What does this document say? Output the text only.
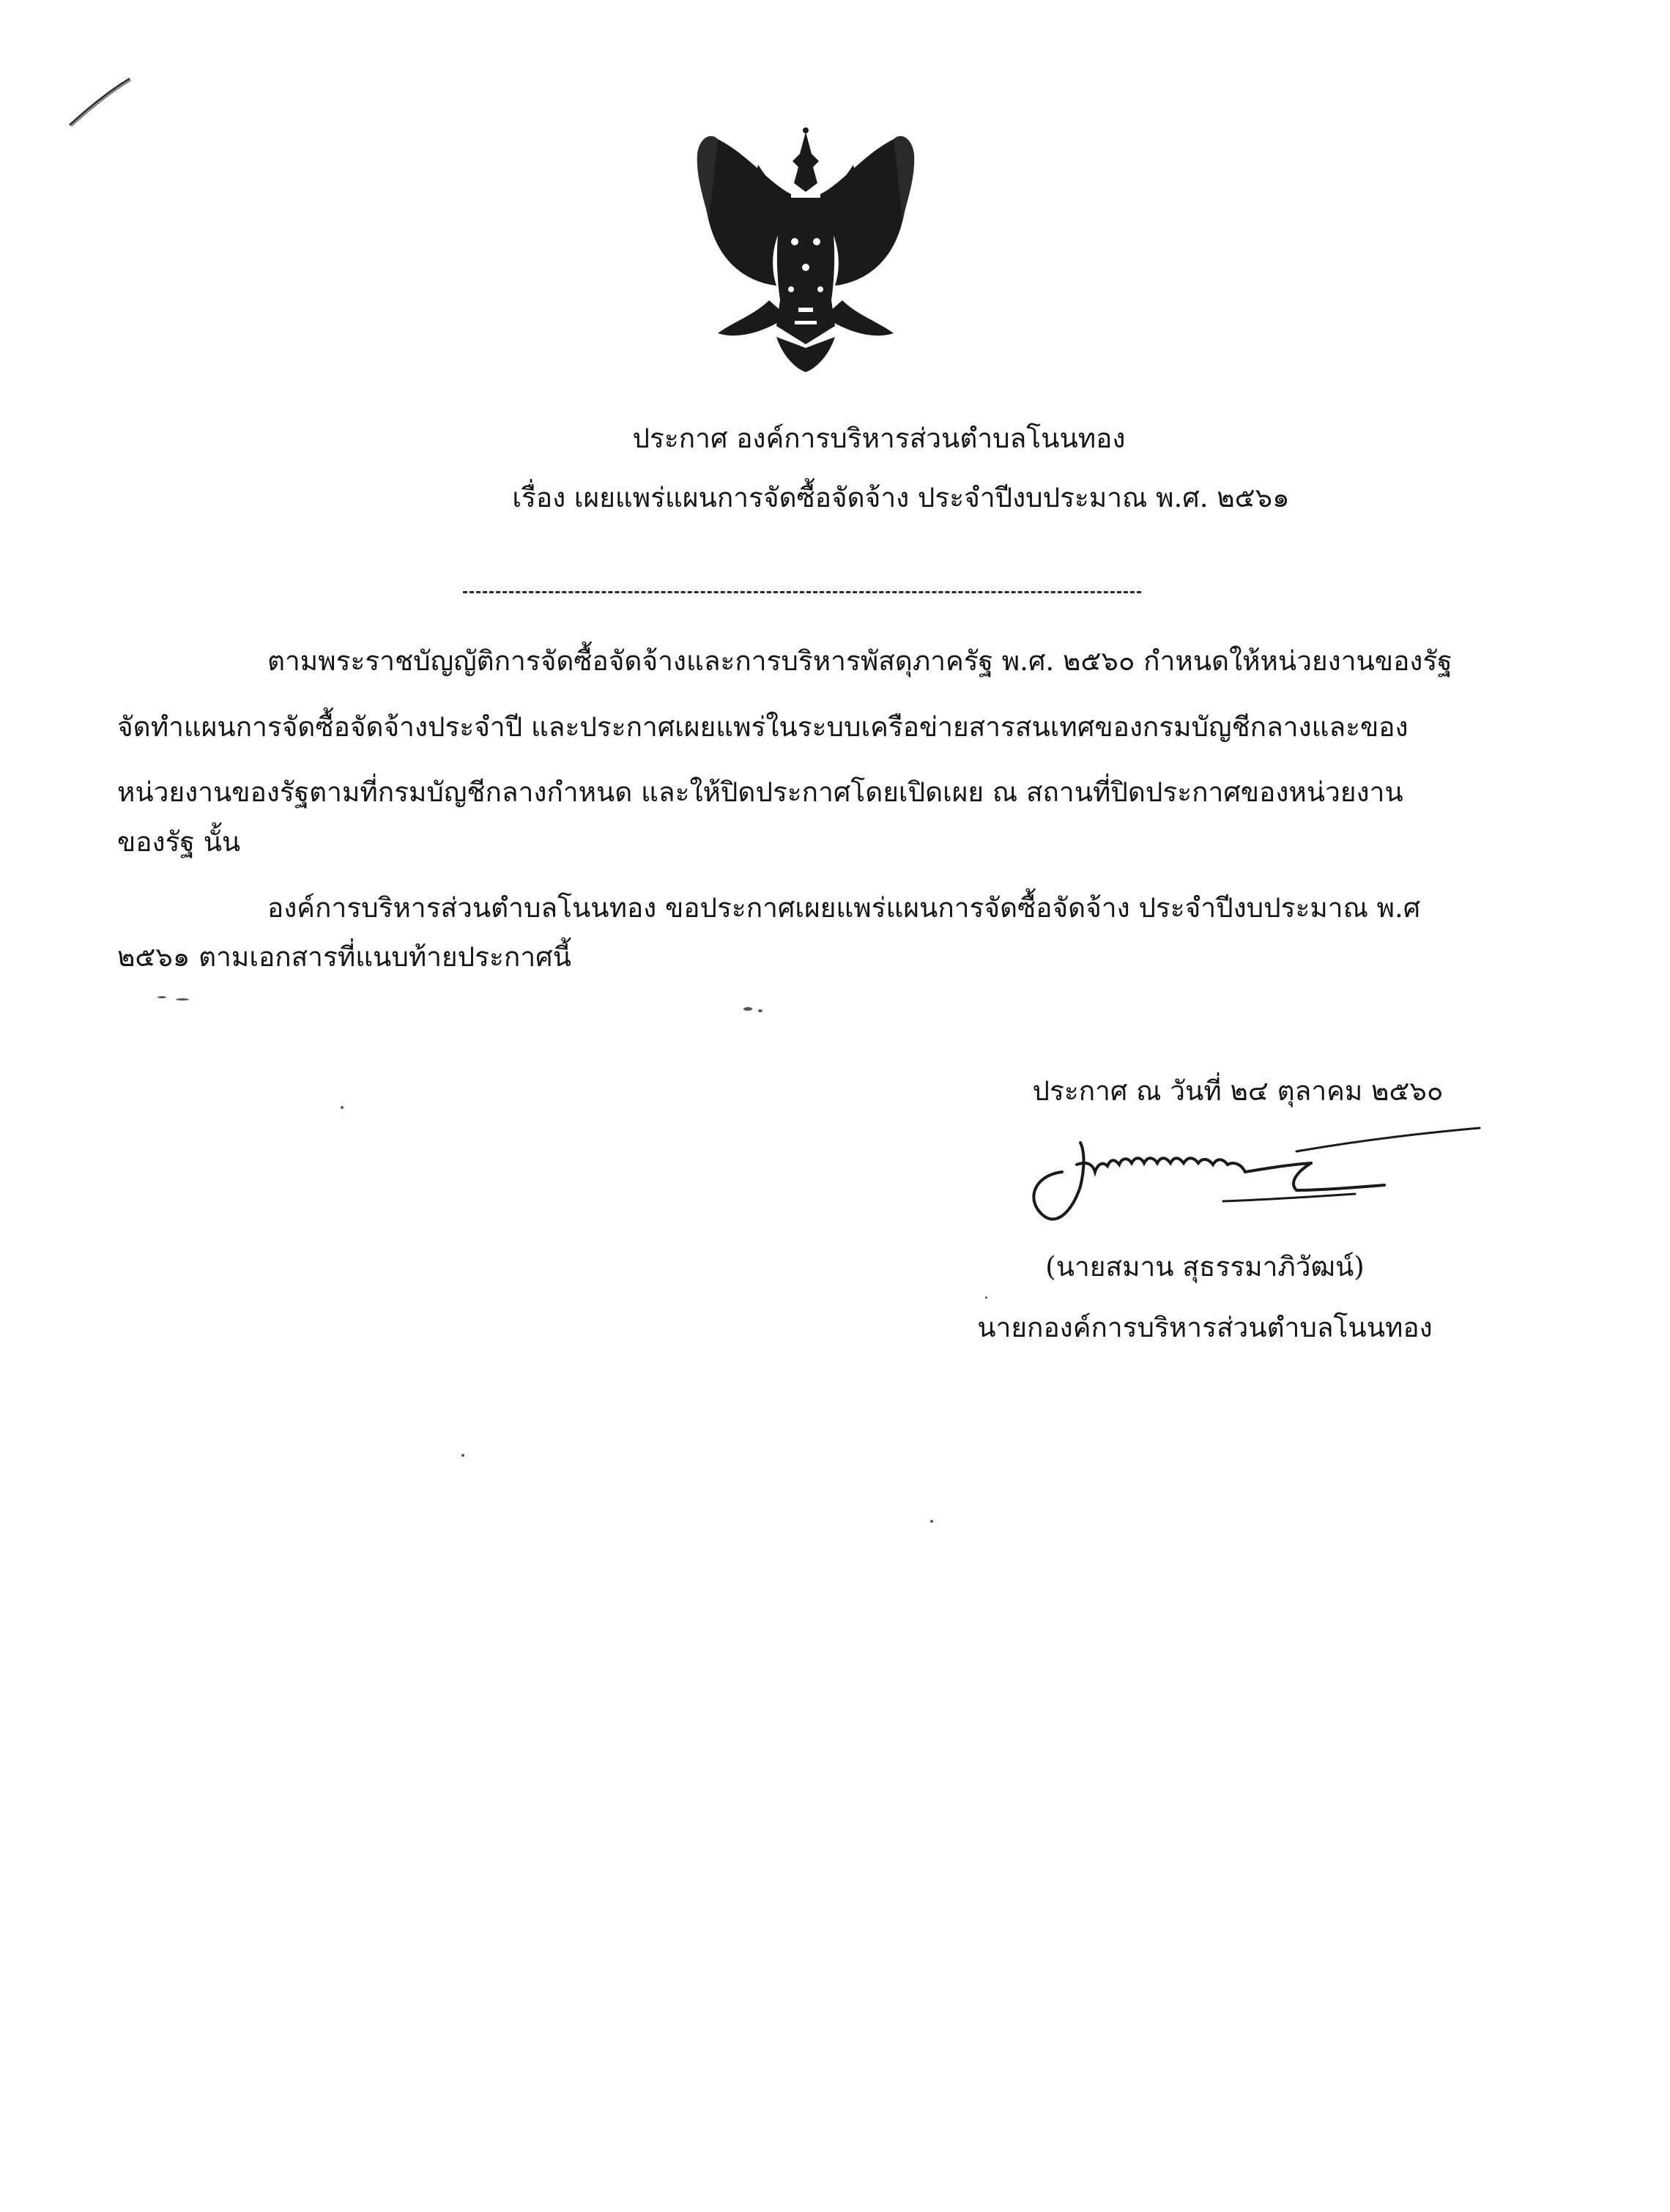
ประกาศ องค์การบริหารส่วนตำบลโนนทอง
เรื่อง เผยแพร่แผนการจัดซื้อจัดจ้าง ประจำปีงบประมาณ พ.ศ. ๒๕๖๑
ตามพระราชบัญญัติการจัดซื้อจัดจ้างและการบริหารพัสดุภาครัฐ พ.ศ. ๒๕๖๐ กำหนดให้หน่วยงานของรัฐ
จัดทำแผนการจัดซื้อจัดจ้างประจำปี และประกาศเผยแพร่ในระบบเครือข่ายสารสนเทศของกรมบัญชีกลางและของ
หน่วยงานของรัฐตามที่กรมบัญชีกลางกำหนด และให้ปิดประกาศโดยเปิดเผย ณ สถานที่ปิดประกาศของหน่วยงาน
ของรัฐ นั้น
องค์การบริหารส่วนตำบลโนนทอง ขอประกาศเผยแพร่แผนการจัดซื้อจัดจ้าง ประจำปีงบประมาณ พ.ศ
๒๕๖๑ ตามเอกสารที่แนบท้ายประกาศนี้
ประกาศ ณ วันที่ ๒๔ ตุลาคม ๒๕๖๐
(นายสมาน สุธรรมาภิวัฒน์)
นายกองค์การบริหารส่วนตำบลโนนทอง
